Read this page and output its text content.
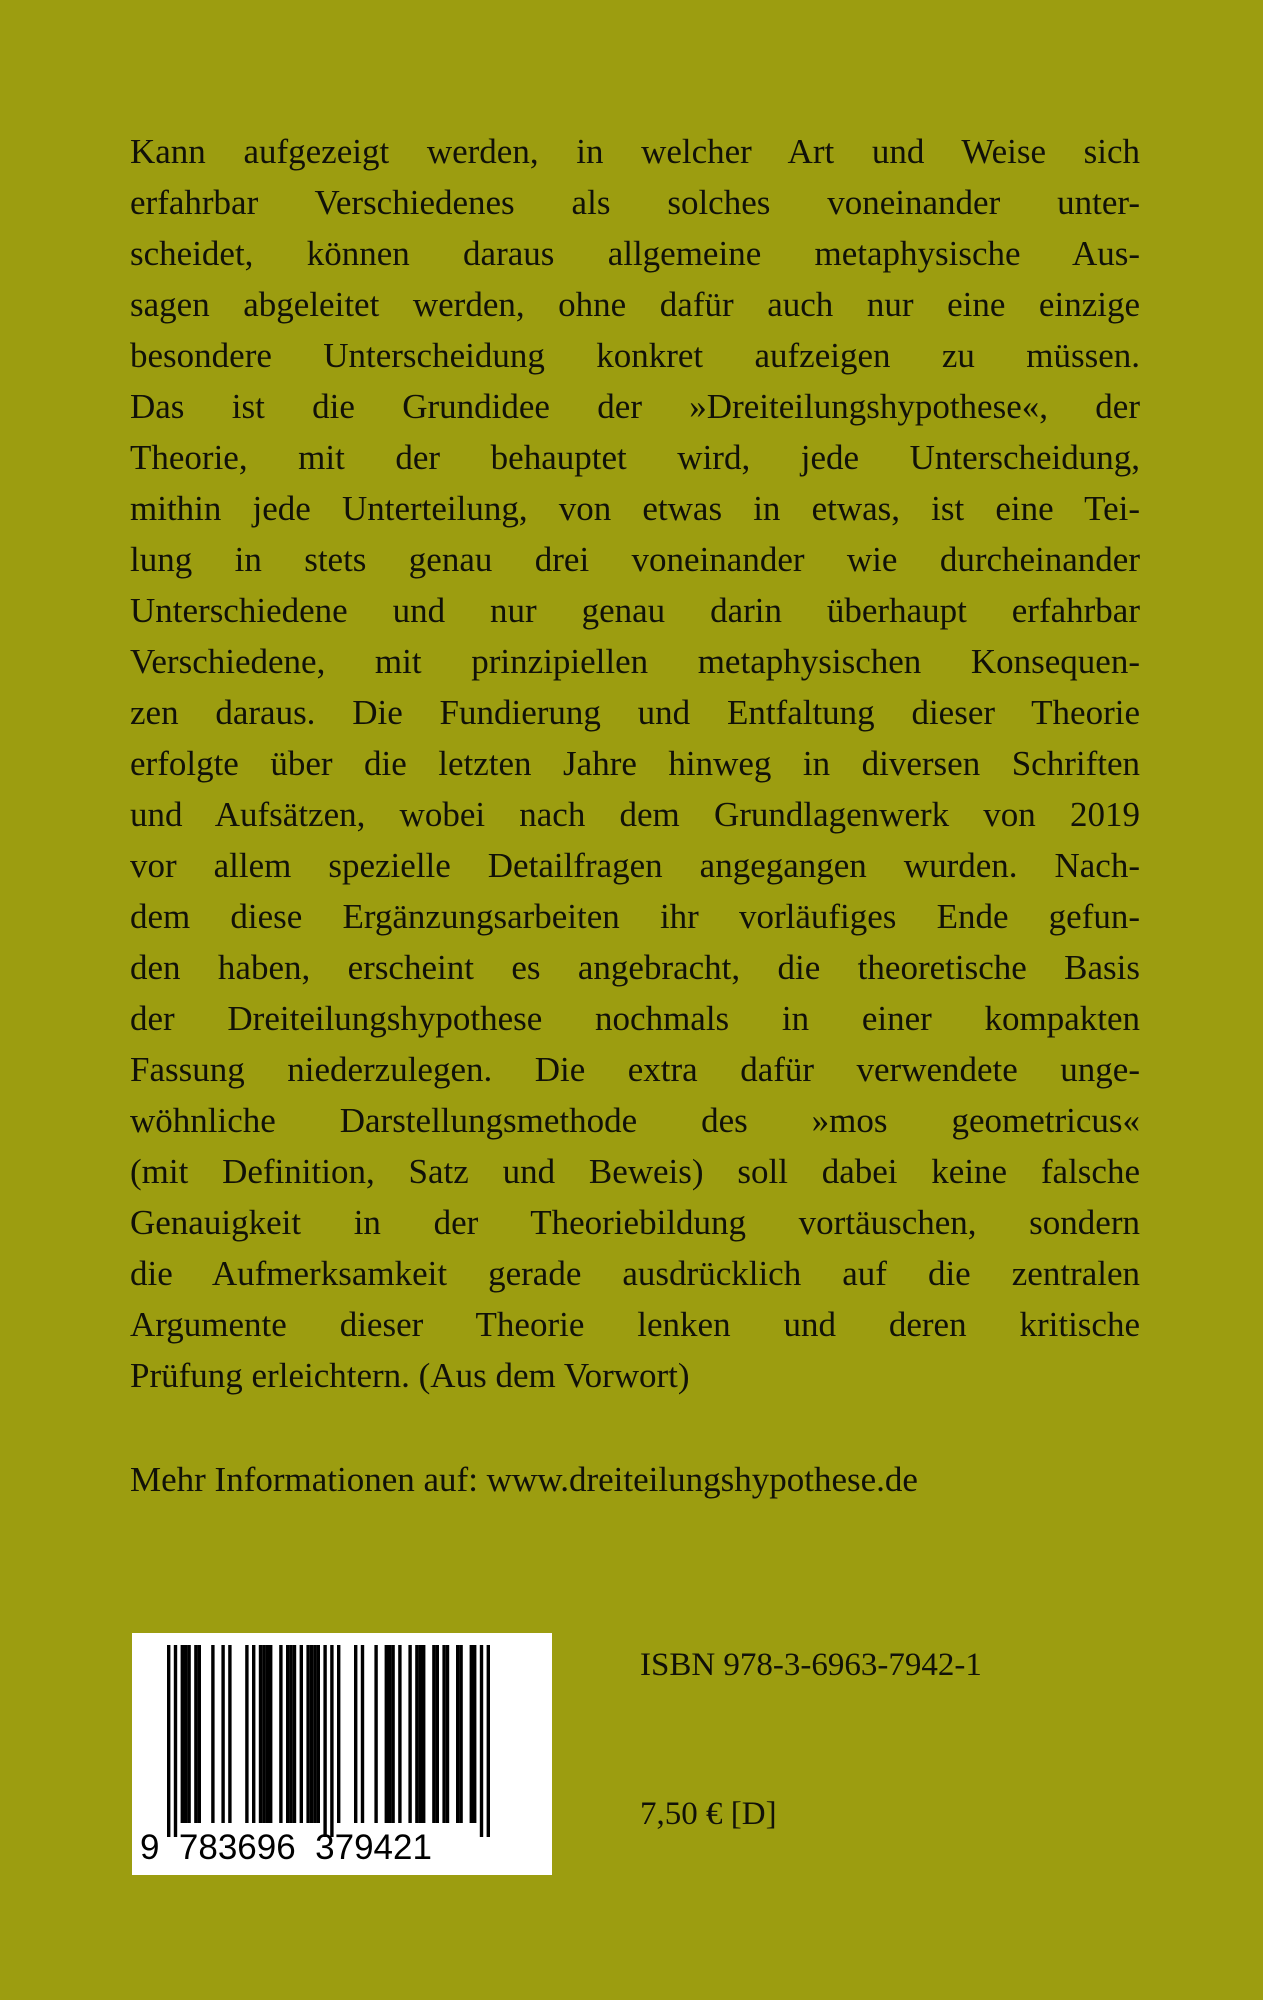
Kann aufgezeigt werden, in welcher Art und Weise sich
erfahrbar Verschiedenes als solches voneinander unter-
scheidet, können daraus allgemeine metaphysische Aus-
sagen abgeleitet werden, ohne dafür auch nur eine einzige
besondere Unterscheidung konkret aufzeigen zu müssen.
Das ist die Grundidee der »Dreiteilungshypothese«, der
Theorie, mit der behauptet wird, jede Unterscheidung,
mithin jede Unterteilung, von etwas in etwas, ist eine Tei-
lung in stets genau drei voneinander wie durcheinander
Unterschiedene und nur genau darin überhaupt erfahrbar
Verschiedene, mit prinzipiellen metaphysischen Konsequen-
zen daraus. Die Fundierung und Entfaltung dieser Theorie
erfolgte über die letzten Jahre hinweg in diversen Schriften
und Aufsätzen, wobei nach dem Grundlagenwerk von 2019
vor allem spezielle Detailfragen angegangen wurden. Nach-
dem diese Ergänzungsarbeiten ihr vorläufiges Ende gefun-
den haben, erscheint es angebracht, die theoretische Basis
der Dreiteilungshypothese nochmals in einer kompakten
Fassung niederzulegen. Die extra dafür verwendete unge-
wöhnliche Darstellungsmethode des »mos geometricus«
(mit Definition, Satz und Beweis) soll dabei keine falsche
Genauigkeit in der Theoriebildung vortäuschen, sondern
die Aufmerksamkeit gerade ausdrücklich auf die zentralen
Argumente dieser Theorie lenken und deren kritische
Prüfung erleichtern. (Aus dem Vorwort)
Mehr Informationen auf: www.dreiteilungshypothese.de
9  783696  379421
ISBN 978-3-6963-7942-1
7,50 € [D]
